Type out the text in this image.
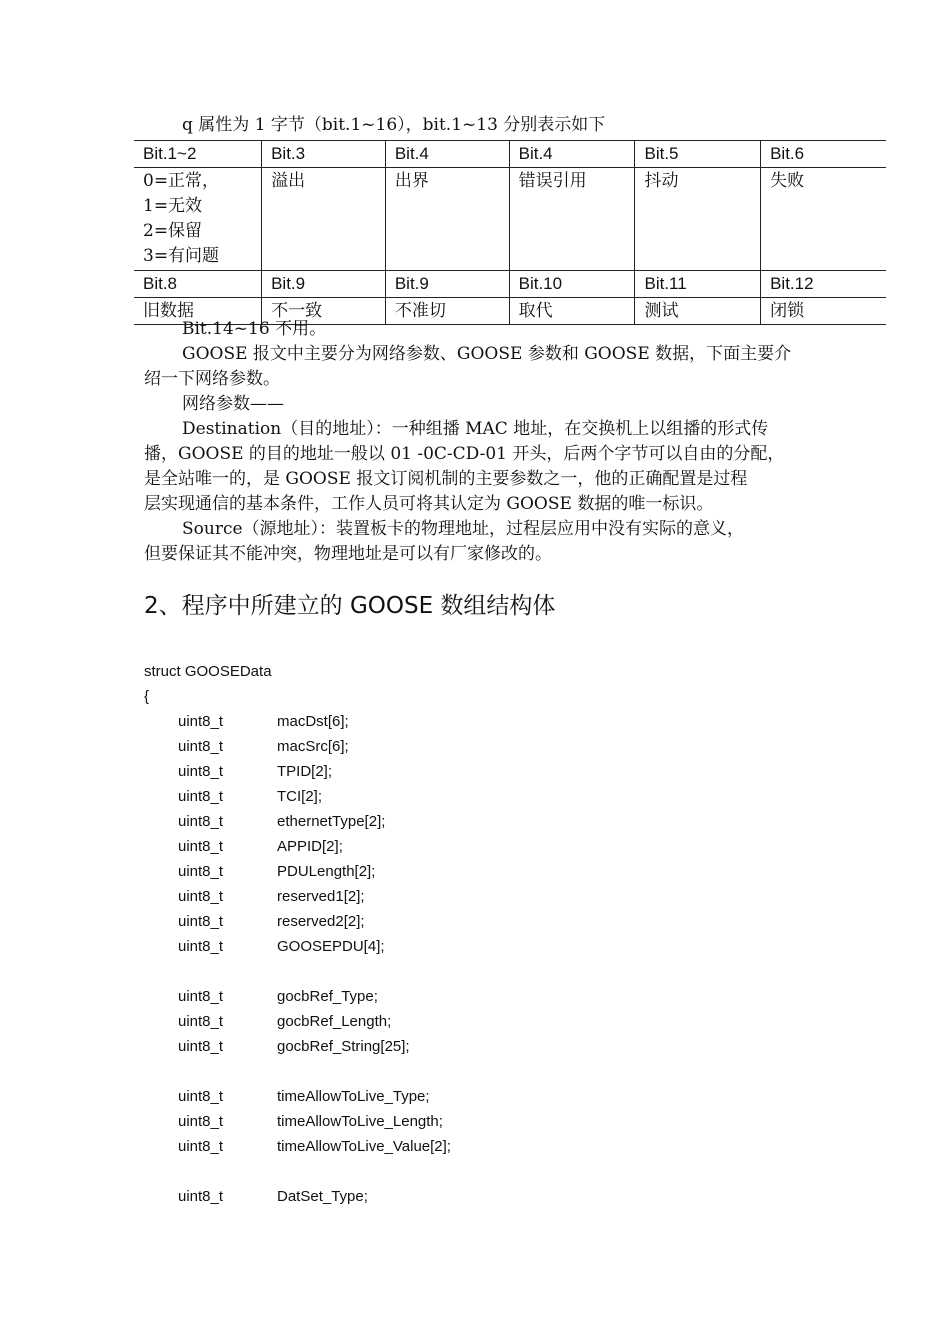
q 属性为 1 字节（bit.1~16），bit.1~13 分别表示如下
Bit.1~2	Bit.3	Bit.4	Bit.4	Bit.5	Bit.6

0=正常，
1=无效
2=保留
3=有问题	溢出	出界	错误引用	抖动	失败
Bit.8	Bit.9	Bit.9	Bit.10	Bit.11	Bit.12
旧数据	不一致	不准切	取代	测试	闭锁
Bit.14~16 不用。
GOOSE 报文中主要分为网络参数、GOOSE 参数和 GOOSE 数据，下面主要介
绍一下网络参数。
网络参数——
Destination（目的地址）：一种组播 MAC 地址，在交换机上以组播的形式传
播，GOOSE 的目的地址一般以 01 -0C-CD-01 开头，后两个字节可以自由的分配，
是全站唯一的，是 GOOSE 报文订阅机制的主要参数之一，他的正确配置是过程
层实现通信的基本条件，工作人员可将其认定为 GOOSE 数据的唯一标识。
Source（源地址）：装置板卡的物理地址，过程层应用中没有实际的意义，
但要保证其不能冲突，物理地址是可以有厂家修改的。
2、程序中所建立的 GOOSE 数组结构体
struct GOOSEData
{
uint8_t	macDst[6];
uint8_t	macSrc[6];
uint8_t	TPID[2];
uint8_t	TCI[2];
uint8_t	ethernetType[2];
uint8_t	APPID[2];
uint8_t	PDULength[2];
uint8_t	reserved1[2];
uint8_t	reserved2[2];
uint8_t	GOOSEPDU[4];
uint8_t	gocbRef_Type;
uint8_t	gocbRef_Length;
uint8_t	gocbRef_String[25];
uint8_t	timeAllowToLive_Type;
uint8_t	timeAllowToLive_Length;
uint8_t	timeAllowToLive_Value[2];
uint8_t	DatSet_Type;
